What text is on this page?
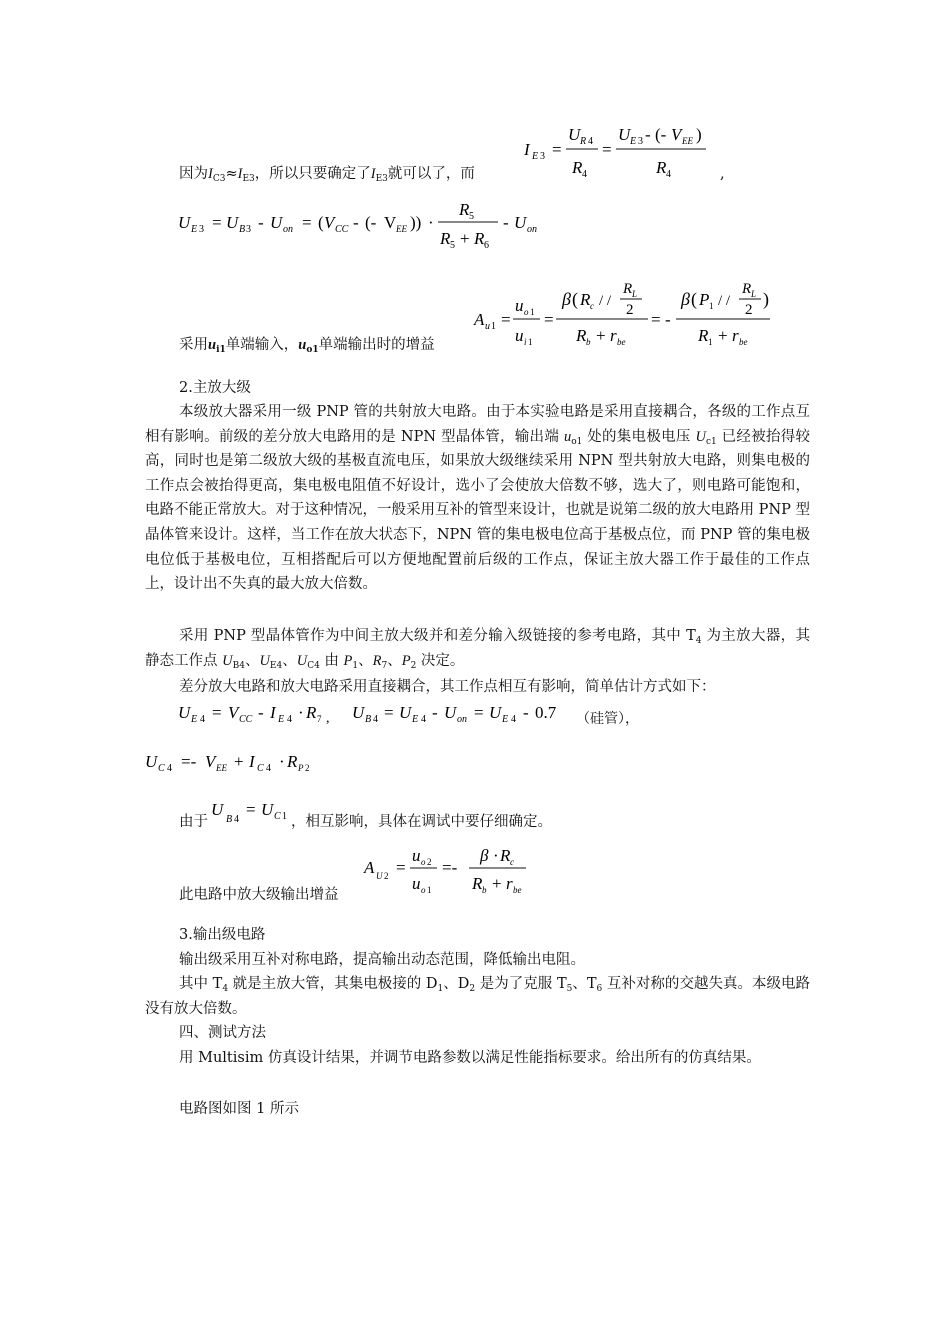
I E 3 =
U R 4
R 4
=
U E 3 - (- V EE )
R 4	,
因为$I_{C3}\approx I_{E3}$，所以只要确定了$I_{E3}$就可以了，而
U E 3 = U B 3 - U on = ( V CC - (- V EE )) ·
R 5
R 5 + R 6
- U on
A u 1 =
u o 1
u i 1
=
β ( R c / /
R L
2
R b + r be
= -
β ( P 1 / /
R L
2
)
R 1 + r be
采用$u_{i1}$单端输入，$u_{o1}$单端输出时的增益
2.主放大级
本级放大器采用一级 PNP 管的共射放大电路。由于本实验电路是采用直接耦合，各级的工作点互相有影响。前级的差分放大电路用的是 NPN 型晶体管，输出端 $u_{o1}$ 处的集电极电压 $U_{c1}$ 已经被抬得较高，同时也是第二级放大级的基极直流电压，如果放大级继续采用 NPN 型共射放大电路，则集电极的工作点会被抬得更高，集电极电阻值不好设计，选小了会使放大倍数不够，选大了，则电路可能饱和，电路不能正常放大。对于这种情况，一般采用互补的管型来设计，也就是说第二级的放大电路用 PNP 型晶体管来设计。这样，当工作在放大状态下，NPN 管的集电极电位高于基极点位，而 PNP 管的集电极电位低于基极电位，互相搭配后可以方便地配置前后级的工作点，保证主放大器工作于最佳的工作点上，设计出不失真的最大放大倍数。
采用 PNP 型晶体管作为中间主放大级并和差分输入级链接的参考电路，其中 $T_4$ 为主放大器，其静态工作点 $U_{B4}$、$U_{E4}$、$U_{C4}$ 由 $P_1$、$R_7$、$P_2$ 决定。
差分放大电路和放大电路采用直接耦合，其工作点相互有影响，简单估计方式如下：
U E 4 = V CC - I E 4 · R 7 , U B 4 = U E 4 - U on = U E 4 - 0.7 （硅管），
U C 4 =- V EE + I C 4 · R P 2
由于
U
B 4
= U C 1 ，相互影响，具体在调试中要仔细确定。
A U 2 =
u o 2
u o 1
=-
β · R c
R b + r be
此电路中放大级输出增益
3.输出级电路
输出级采用互补对称电路，提高输出动态范围，降低输出电阻。
其中 $T_4$ 就是主放大管，其集电极接的 $D_1$、$D_2$ 是为了克服 $T_5$、$T_6$ 互补对称的交越失真。本级电路没有放大倍数。
四、测试方法
用 Multisim 仿真设计结果，并调节电路参数以满足性能指标要求。给出所有的仿真结果。
电路图如图 1 所示
